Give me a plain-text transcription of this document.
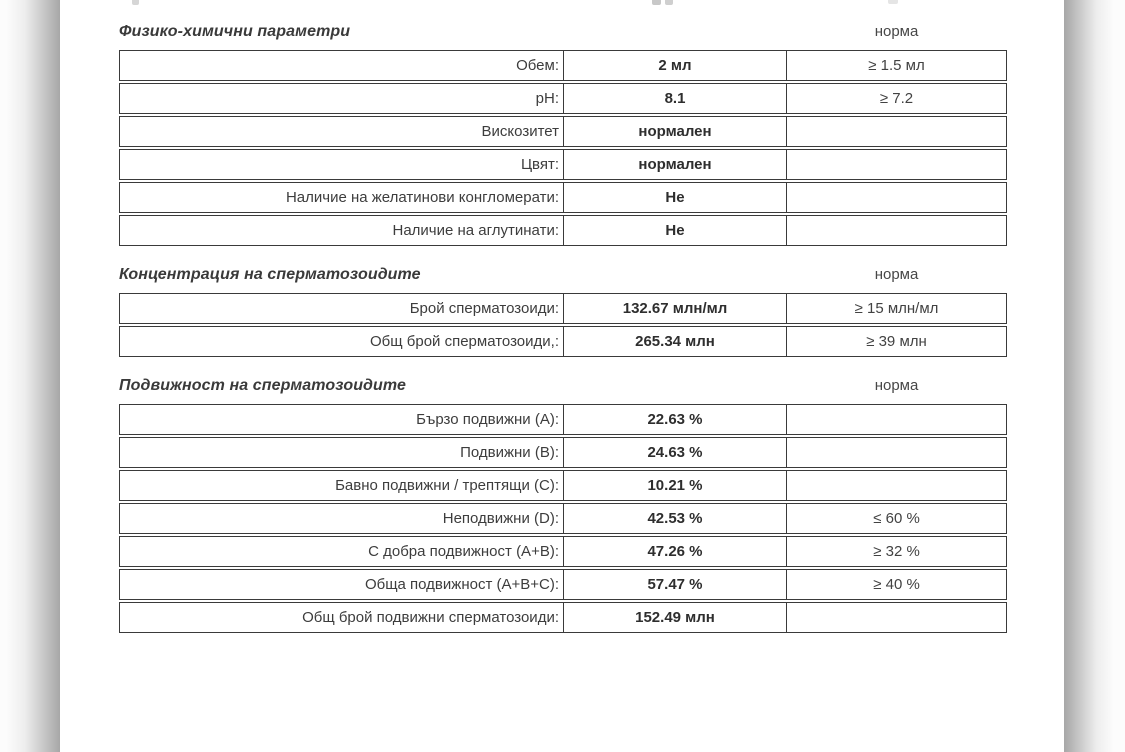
Физико-химични параметри	норма
Обем:	2 мл	≥ 1.5 мл
pH:	8.1	≥ 7.2
Вискозитет	нормален
Цвят:	нормален
Наличие на желатинови конгломерати:	Не
Наличие на аглутинати:	Не
Концентрация на сперматозоидите	норма
Брой сперматозоиди:	132.67 млн/мл	≥ 15 млн/мл
Общ брой сперматозоиди,:	265.34 млн	≥ 39 млн
Подвижност на сперматозоидите	норма
Бързо подвижни (A):	22.63 %
Подвижни (B):	24.63 %
Бавно подвижни / трептящи (C):	10.21 %
Неподвижни (D):	42.53 %	≤ 60 %
С добра подвижност (A+B):	47.26 %	≥ 32 %
Обща подвижност (A+B+C):	57.47 %	≥ 40 %
Общ брой подвижни сперматозоиди:	152.49 млн
